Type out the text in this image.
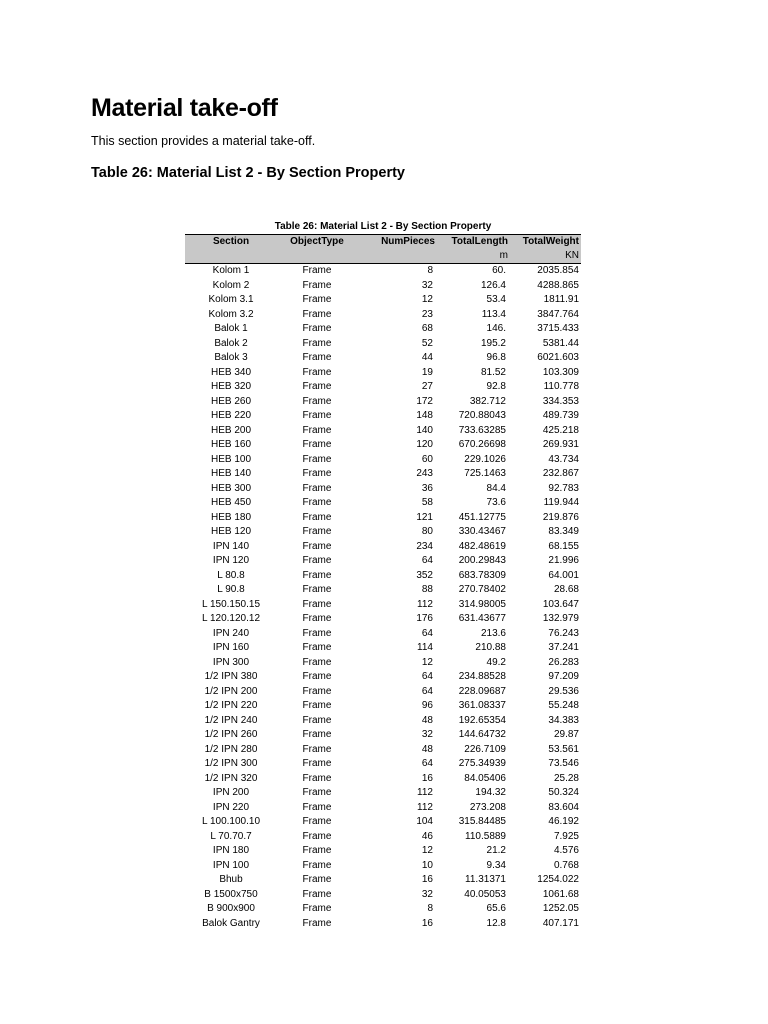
Material take-off

This section provides a material take-off.

Table 26: Material List 2 - By Section Property
Table 26: Material List 2 - By Section Property
Section	ObjectType	NumPieces	TotalLength	TotalWeight
			m	KN
Kolom 1	Frame	8	60.	2035.854
Kolom 2	Frame	32	126.4	4288.865
Kolom 3.1	Frame	12	53.4	1811.91
Kolom 3.2	Frame	23	113.4	3847.764
Balok 1	Frame	68	146.	3715.433
Balok 2	Frame	52	195.2	5381.44
Balok 3	Frame	44	96.8	6021.603
HEB 340	Frame	19	81.52	103.309
HEB 320	Frame	27	92.8	110.778
HEB 260	Frame	172	382.712	334.353
HEB 220	Frame	148	720.88043	489.739
HEB 200	Frame	140	733.63285	425.218
HEB 160	Frame	120	670.26698	269.931
HEB 100	Frame	60	229.1026	43.734
HEB 140	Frame	243	725.1463	232.867
HEB 300	Frame	36	84.4	92.783
HEB 450	Frame	58	73.6	119.944
HEB 180	Frame	121	451.12775	219.876
HEB 120	Frame	80	330.43467	83.349
IPN 140	Frame	234	482.48619	68.155
IPN 120	Frame	64	200.29843	21.996
L 80.8	Frame	352	683.78309	64.001
L 90.8	Frame	88	270.78402	28.68
L 150.150.15	Frame	112	314.98005	103.647
L 120.120.12	Frame	176	631.43677	132.979
IPN 240	Frame	64	213.6	76.243
IPN 160	Frame	114	210.88	37.241
IPN 300	Frame	12	49.2	26.283
1/2 IPN 380	Frame	64	234.88528	97.209
1/2 IPN 200	Frame	64	228.09687	29.536
1/2 IPN 220	Frame	96	361.08337	55.248
1/2 IPN 240	Frame	48	192.65354	34.383
1/2 IPN 260	Frame	32	144.64732	29.87
1/2 IPN 280	Frame	48	226.7109	53.561
1/2 IPN 300	Frame	64	275.34939	73.546
1/2 IPN 320	Frame	16	84.05406	25.28
IPN 200	Frame	112	194.32	50.324
IPN 220	Frame	112	273.208	83.604
L 100.100.10	Frame	104	315.84485	46.192
L 70.70.7	Frame	46	110.5889	7.925
IPN 180	Frame	12	21.2	4.576
IPN 100	Frame	10	9.34	0.768
Bhub	Frame	16	11.31371	1254.022
B 1500x750	Frame	32	40.05053	1061.68
B 900x900	Frame	8	65.6	1252.05
Balok Gantry	Frame	16	12.8	407.171
